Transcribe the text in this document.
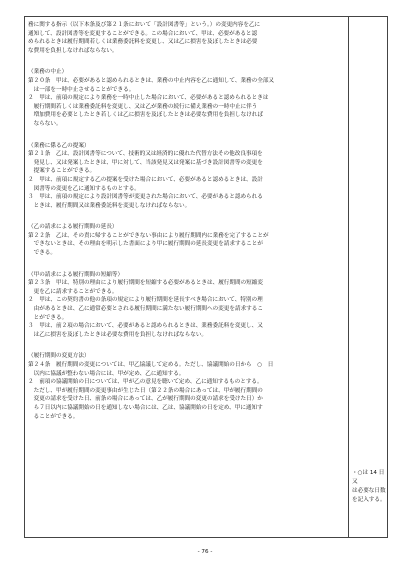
務に関する指示（以下本条及び第２１条において「設計図書等」という。）の変更内容を乙に
通知して、設計図書等を変更することができる。この場合において、甲は、必要があると認
められるときは履行期間若しくは業務委託料を変更し、又は乙に損害を及ぼしたときは必要
な費用を負担しなければならない。
（業務の中止）
第２０条　甲は、必要があると認められるときは、業務の中止内容を乙に通知して、業務の全部又
　は一部を一時中止させることができる。
２　甲は、前項の規定により業務を一時中止した場合において、必要があると認められるときは
　履行期間若しくは業務委託料を変更し、又は乙が業務の続行に備え業務の一時中止に伴う
　増加費用を必要としたとき若しくは乙に損害を及ぼしたときは必要な費用を負担しなければ
　ならない。
（業務に係る乙の提案）
第２１条　乙は、設計図書等について、技術的又は経済的に優れた代替方法その他改良事項を
　発見し、又は発案したときは、甲に対して、当該発見又は発案に基づき設計図書等の変更を
　提案することができる。
２　甲は、前項に規定する乙の提案を受けた場合において、必要があると認めるときは、設計
　図書等の変更を乙に通知するものとする。
３　甲は、前項の規定により設計図書等が変更された場合において、必要があると認められる
　ときは、履行期間又は業務委託料を変更しなければならない。
（乙の請求による履行期間の延長）
第２２条　乙は、その責に帰することができない事由により履行期間内に業務を完了することが
　できないときは、その理由を明示した書面により甲に履行期間の延長変更を請求することが
　できる。
（甲の請求による履行期間の短縮等）
第２３条　甲は、特別の理由により履行期間を短縮する必要があるときは、履行期間の短縮変
　更を乙に請求することができる。
２　甲は、この契約書の他の条項の規定により履行期間を延長すべき場合において、特別の理
　由があるときは、乙に通常必要とされる履行期間に満たない履行期間への変更を請求するこ
　とができる。
３　甲は、前２項の場合において、必要があると認められるときは、業務委託料を変更し、又
　は乙に損害を及ぼしたときは必要な費用を負担しなければならない。
（履行期間の変更方法）
第２４条　履行期間の変更については、甲乙協議して定める。ただし、協議開始の日から　○　日
　以内に協議が整わない場合には、甲が定め、乙に通知する。
２　前項の協議開始の日については、甲が乙の意見を聴いて定め、乙に通知するものとする。
　ただし、甲が履行期間の変更事由が生じた日（第２２条の場合にあっては、甲が履行期間の
　変更の請求を受けた日、前条の場合にあっては、乙が履行期間の変更の請求を受けた日）か
　ら７日以内に協議開始の日を通知しない場合には、乙は、協議開始の日を定め、甲に通知す
　ることができる。
・○は 14 日又
は必要な日数
を記入する。
- 76 -
